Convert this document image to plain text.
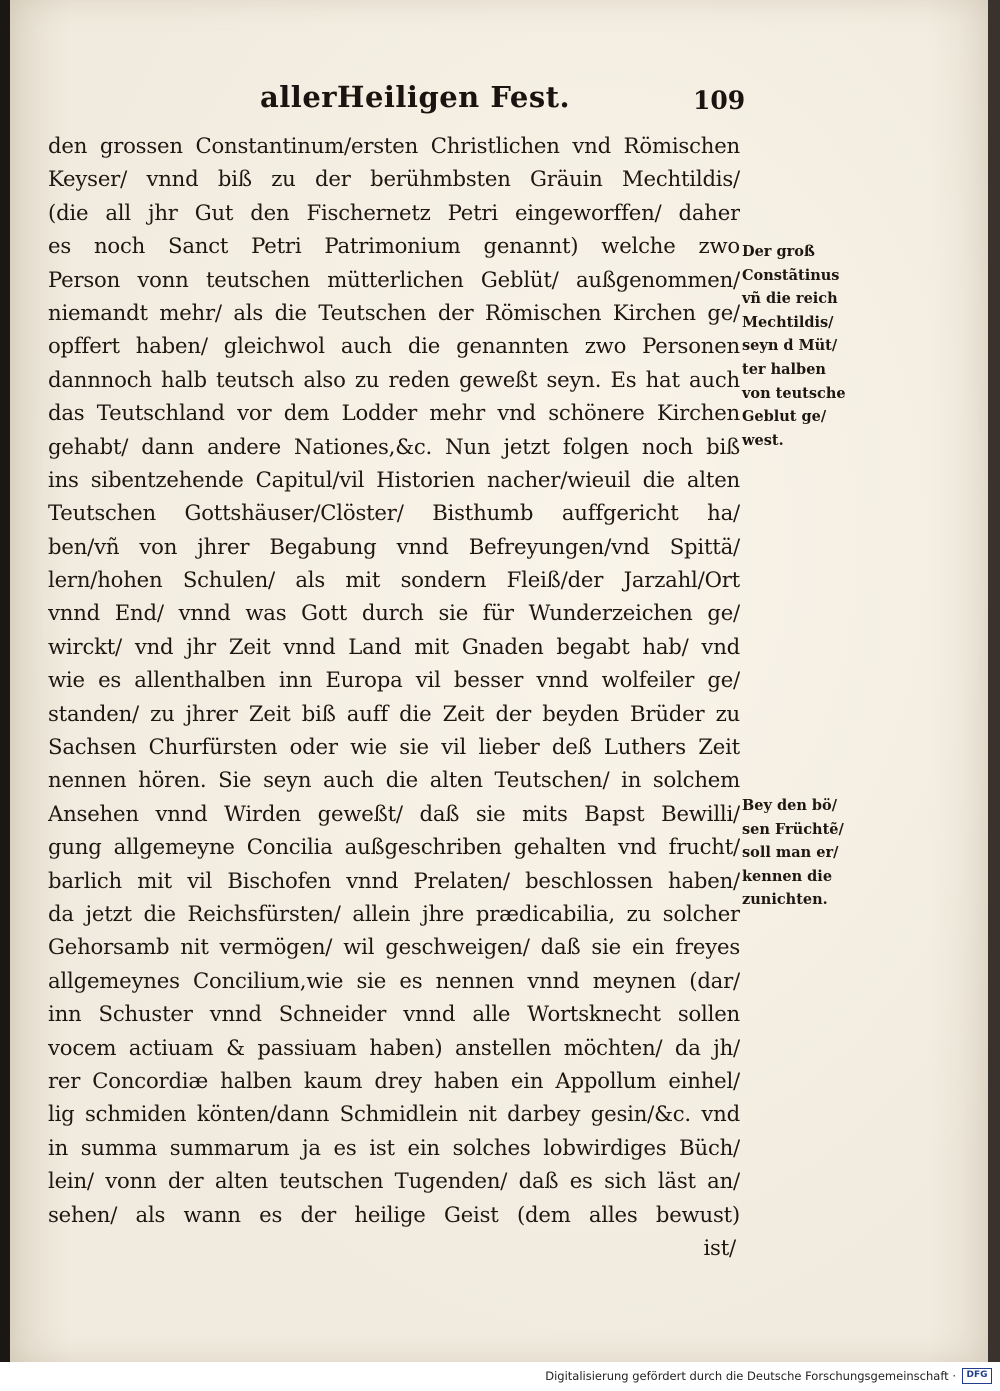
allerHeiligen Fest.	109
den grossen Constantinum/ersten Christlichen vnd Römischen
Keyser/ vnnd biß zu der berühmbsten Gräuin Mechtildis/
(die all jhr Gut den Fischernetz Petri eingeworffen/ daher
es noch Sanct Petri Patrimonium genannt) welche zwo
Person vonn teutschen mütterlichen Geblüt/ außgenommen/
niemandt mehr/ als die Teutschen der Römischen Kirchen ge/
opffert haben/ gleichwol auch die genannten zwo Personen
dannnoch halb teutsch also zu reden geweßt seyn. Es hat auch
das Teutschland vor dem Lodder mehr vnd schönere Kirchen
gehabt/ dann andere Nationes,&c. Nun jetzt folgen noch biß
ins sibentzehende Capitul/vil Historien nacher/wieuil die alten
Teutschen Gottshäuser/Clöster/ Bisthumb auffgericht ha/
ben/vñ von jhrer Begabung vnnd Befreyungen/vnd Spittä/
lern/hohen Schulen/ als mit sondern Fleiß/der Jarzahl/Ort
vnnd End/ vnnd was Gott durch sie für Wunderzeichen ge/
wirckt/ vnd jhr Zeit vnnd Land mit Gnaden begabt hab/ vnd
wie es allenthalben inn Europa vil besser vnnd wolfeiler ge/
standen/ zu jhrer Zeit biß auff die Zeit der beyden Brüder zu
Sachsen Churfürsten oder wie sie vil lieber deß Luthers Zeit
nennen hören. Sie seyn auch die alten Teutschen/ in solchem
Ansehen vnnd Wirden geweßt/ daß sie mits Bapst Bewilli/
gung allgemeyne Concilia außgeschriben gehalten vnd frucht/
barlich mit vil Bischofen vnnd Prelaten/ beschlossen haben/
da jetzt die Reichsfürsten/ allein jhre prædicabilia, zu solcher
Gehorsamb nit vermögen/ wil geschweigen/ daß sie ein freyes
allgemeynes Concilium,wie sie es nennen vnnd meynen (dar/
inn Schuster vnnd Schneider vnnd alle Wortsknecht sollen
vocem actiuam & passiuam haben) anstellen möchten/ da jh/
rer Concordiæ halben kaum drey haben ein Appollum einhel/
lig schmiden könten/dann Schmidlein nit darbey gesin/&c. vnd
in summa summarum ja es ist ein solches lobwirdiges Büch/
lein/ vonn der alten teutschen Tugenden/ daß es sich läst an/
sehen/ als wann es der heilige Geist (dem alles bewust)
ist/
Der groß
Constãtinus
vñ die reich
Mechtildis/
seyn d Müt/
ter halben
von teutsche
Geblut ge/
west.
Bey den bö/
sen Früchtẽ/
soll man er/
kennen die
zunichten.
Digitalisierung gefördert durch die Deutsche Forschungsgemeinschaft ·	DFG
